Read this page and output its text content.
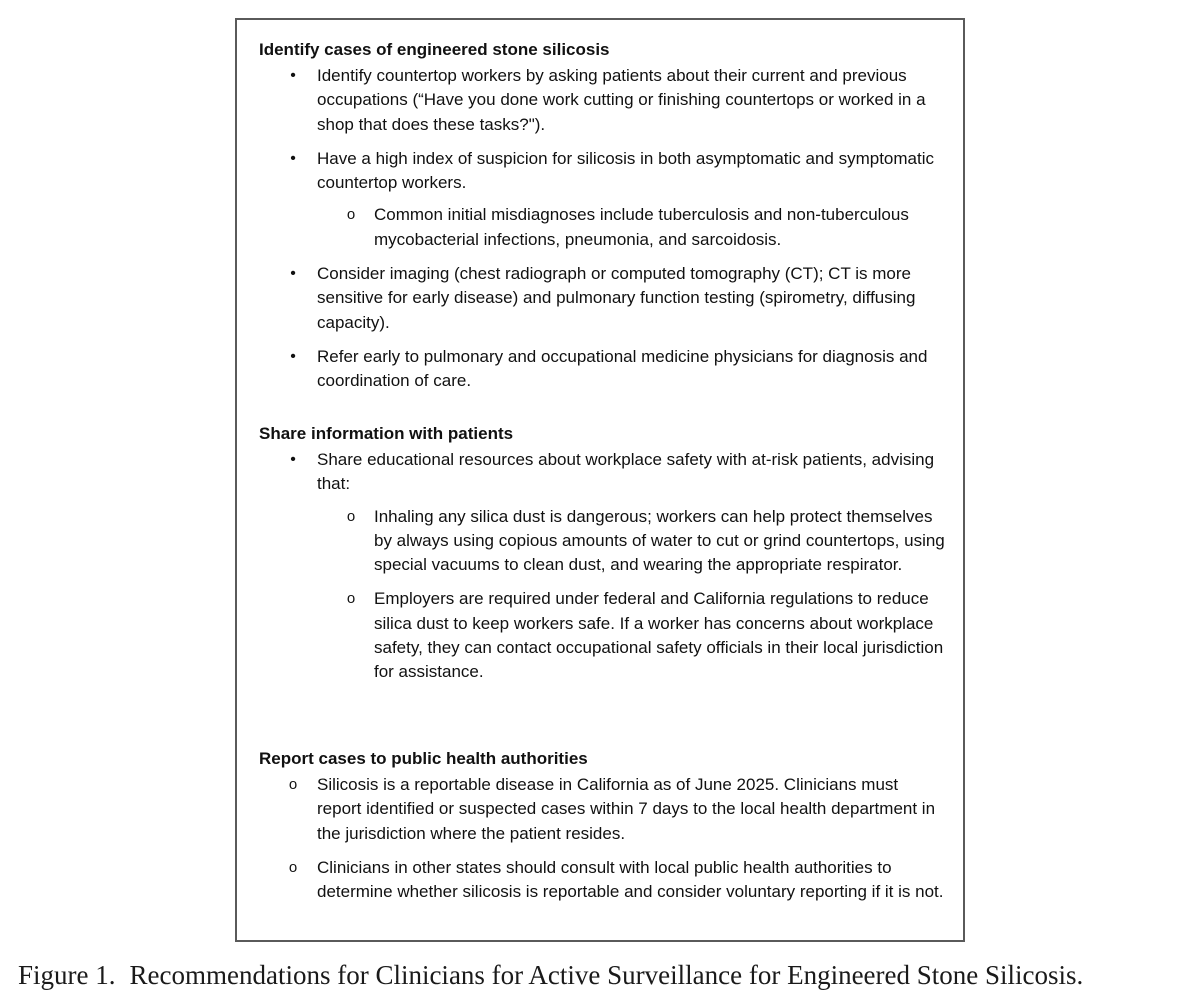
Identify cases of engineered stone silicosis
• Identify countertop workers by asking patients about their current and previous occupations (“Have you done work cutting or finishing countertops or worked in a shop that does these tasks?").
• Have a high index of suspicion for silicosis in both asymptomatic and symptomatic countertop workers.
o Common initial misdiagnoses include tuberculosis and non-tuberculous mycobacterial infections, pneumonia, and sarcoidosis.
• Consider imaging (chest radiograph or computed tomography (CT); CT is more sensitive for early disease) and pulmonary function testing (spirometry, diffusing capacity).
• Refer early to pulmonary and occupational medicine physicians for diagnosis and coordination of care.
Share information with patients
• Share educational resources about workplace safety with at-risk patients, advising that:
o Inhaling any silica dust is dangerous; workers can help protect themselves by always using copious amounts of water to cut or grind countertops, using special vacuums to clean dust, and wearing the appropriate respirator.
o Employers are required under federal and California regulations to reduce silica dust to keep workers safe. If a worker has concerns about workplace safety, they can contact occupational safety officials in their local jurisdiction for assistance.
Report cases to public health authorities
o Silicosis is a reportable disease in California as of June 2025. Clinicians must report identified or suspected cases within 7 days to the local health department in the jurisdiction where the patient resides.
o Clinicians in other states should consult with local public health authorities to determine whether silicosis is reportable and consider voluntary reporting if it is not.
Figure 1. Recommendations for Clinicians for Active Surveillance for Engineered Stone Silicosis.
